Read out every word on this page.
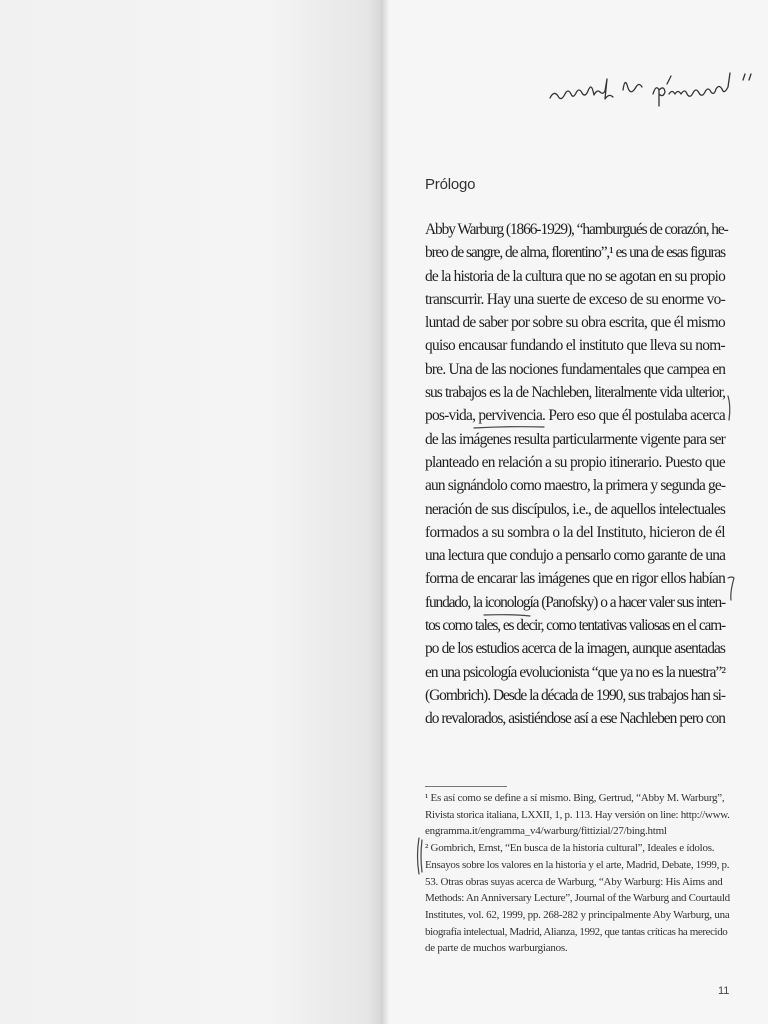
Prólogo
Abby Warburg (1866-1929), “hamburgués de corazón, he-
breo de sangre, de alma, florentino”,¹ es una de esas figuras
de la historia de la cultura que no se agotan en su propio
transcurrir. Hay una suerte de exceso de su enorme vo-
luntad de saber por sobre su obra escrita, que él mismo
quiso encausar fundando el instituto que lleva su nom-
bre. Una de las nociones fundamentales que campea en
sus trabajos es la de Nachleben, literalmente vida ulterior,
pos-vida, pervivencia. Pero eso que él postulaba acerca
de las imágenes resulta particularmente vigente para ser
planteado en relación a su propio itinerario. Puesto que
aun signándolo como maestro, la primera y segunda ge-
neración de sus discípulos, i.e., de aquellos intelectuales
formados a su sombra o la del Instituto, hicieron de él
una lectura que condujo a pensarlo como garante de una
forma de encarar las imágenes que en rigor ellos habían
fundado, la iconología (Panofsky) o a hacer valer sus inten-
tos como tales, es decir, como tentativas valiosas en el cam-
po de los estudios acerca de la imagen, aunque asentadas
en una psicología evolucionista “que ya no es la nuestra”²
(Gombrich). Desde la década de 1990, sus trabajos han si-
do revalorados, asistiéndose así a ese Nachleben pero con
¹ Es así como se define a sí mismo. Bing, Gertrud, “Abby M. Warburg”,
Rivista storica italiana, LXXII, 1, p. 113. Hay versión on line: http://www.
engramma.it/engramma_v4/warburg/fittizial/27/bing.html
² Gombrich, Ernst, “En busca de la historia cultural”, Ideales e ídolos.
Ensayos sobre los valores en la historia y el arte, Madrid, Debate, 1999, p.
53. Otras obras suyas acerca de Warburg, “Aby Warburg: His Aims and
Methods: An Anniversary Lecture”, Journal of the Warburg and Courtauld
Institutes, vol. 62, 1999, pp. 268-282 y principalmente Aby Warburg, una
biografía intelectual, Madrid, Alianza, 1992, que tantas críticas ha merecido
de parte de muchos warburgianos.
11
